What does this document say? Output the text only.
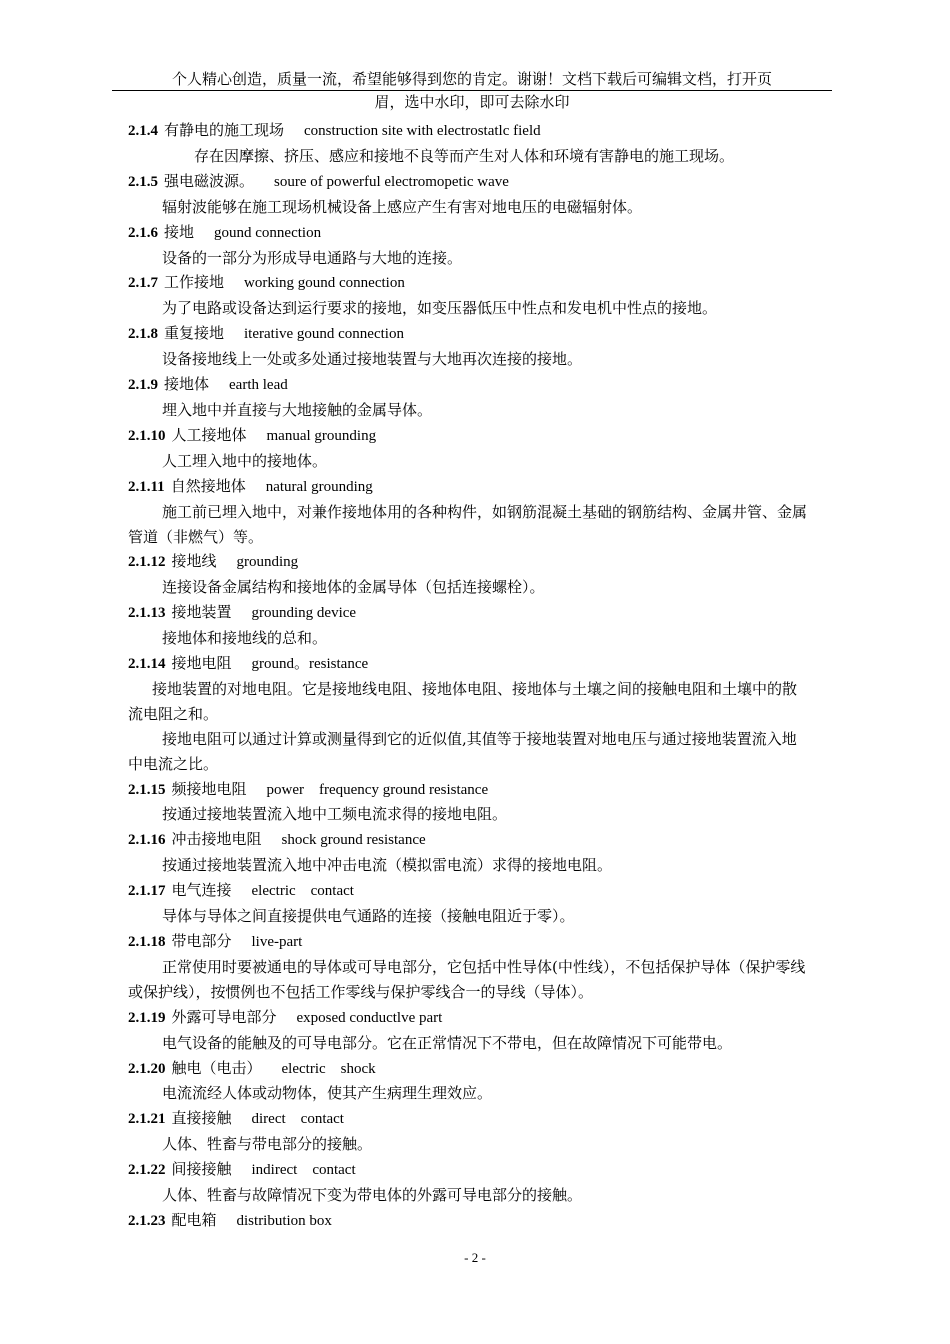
个人精心创造，质量一流，希望能够得到您的肯定。谢谢！文档下载后可编辑文档，打开页
眉，选中水印，即可去除水印
2.1.4 有静电的施工现场 construction site with electrostatlc field
存在因摩擦、挤压、感应和接地不良等而产生对人体和环境有害静电的施工现场。
2.1.5 强电磁波源。 soure of powerful electromopetic wave
辐射波能够在施工现场机械设备上感应产生有害对地电压的电磁辐射体。
2.1.6 接地 gound connection
设备的一部分为形成导电通路与大地的连接。
2.1.7 工作接地 working gound connection
为了电路或设备达到运行要求的接地，如变压器低压中性点和发电机中性点的接地。
2.1.8 重复接地 iterative gound connection
设备接地线上一处或多处通过接地装置与大地再次连接的接地。
2.1.9 接地体 earth lead
埋入地中并直接与大地接触的金属导体。
2.1.10 人工接地体 manual grounding
人工埋入地中的接地体。
2.1.11 自然接地体 natural grounding
施工前已埋入地中，对兼作接地体用的各种构件，如钢筋混凝土基础的钢筋结构、金属井管、金属管道（非燃气）等。
2.1.12 接地线 grounding
连接设备金属结构和接地体的金属导体（包括连接螺栓）。
2.1.13 接地装置 grounding device
接地体和接地线的总和。
2.1.14 接地电阻 ground。resistance
接地装置的对地电阻。它是接地线电阻、接地体电阻、接地体与土壤之间的接触电阻和土壤中的散流电阻之和。
接地电阻可以通过计算或测量得到它的近似值,其值等于接地装置对地电压与通过接地装置流入地中电流之比。
2.1.15 频接地电阻 power　frequency ground resistance
按通过接地装置流入地中工频电流求得的接地电阻。
2.1.16 冲击接地电阻 shock ground resistance
按通过接地装置流入地中冲击电流（模拟雷电流）求得的接地电阻。
2.1.17 电气连接 electric　contact
导体与导体之间直接提供电气通路的连接（接触电阻近于零）。
2.1.18 带电部分 live-part
正常使用时要被通电的导体或可导电部分，它包括中性导体(中性线），不包括保护导体（保护零线或保护线），按惯例也不包括工作零线与保护零线合一的导线（导体）。
2.1.19 外露可导电部分 exposed conductlve part
电气设备的能触及的可导电部分。它在正常情况下不带电，但在故障情况下可能带电。
2.1.20 触电（电击） electric　shock
电流流经人体或动物体，使其产生病理生理效应。
2.1.21 直接接触 direct　contact
人体、牲畜与带电部分的接触。
2.1.22 间接接触 indirect　contact
人体、牲畜与故障情况下变为带电体的外露可导电部分的接触。
2.1.23 配电箱 distribution box
- 2 -
